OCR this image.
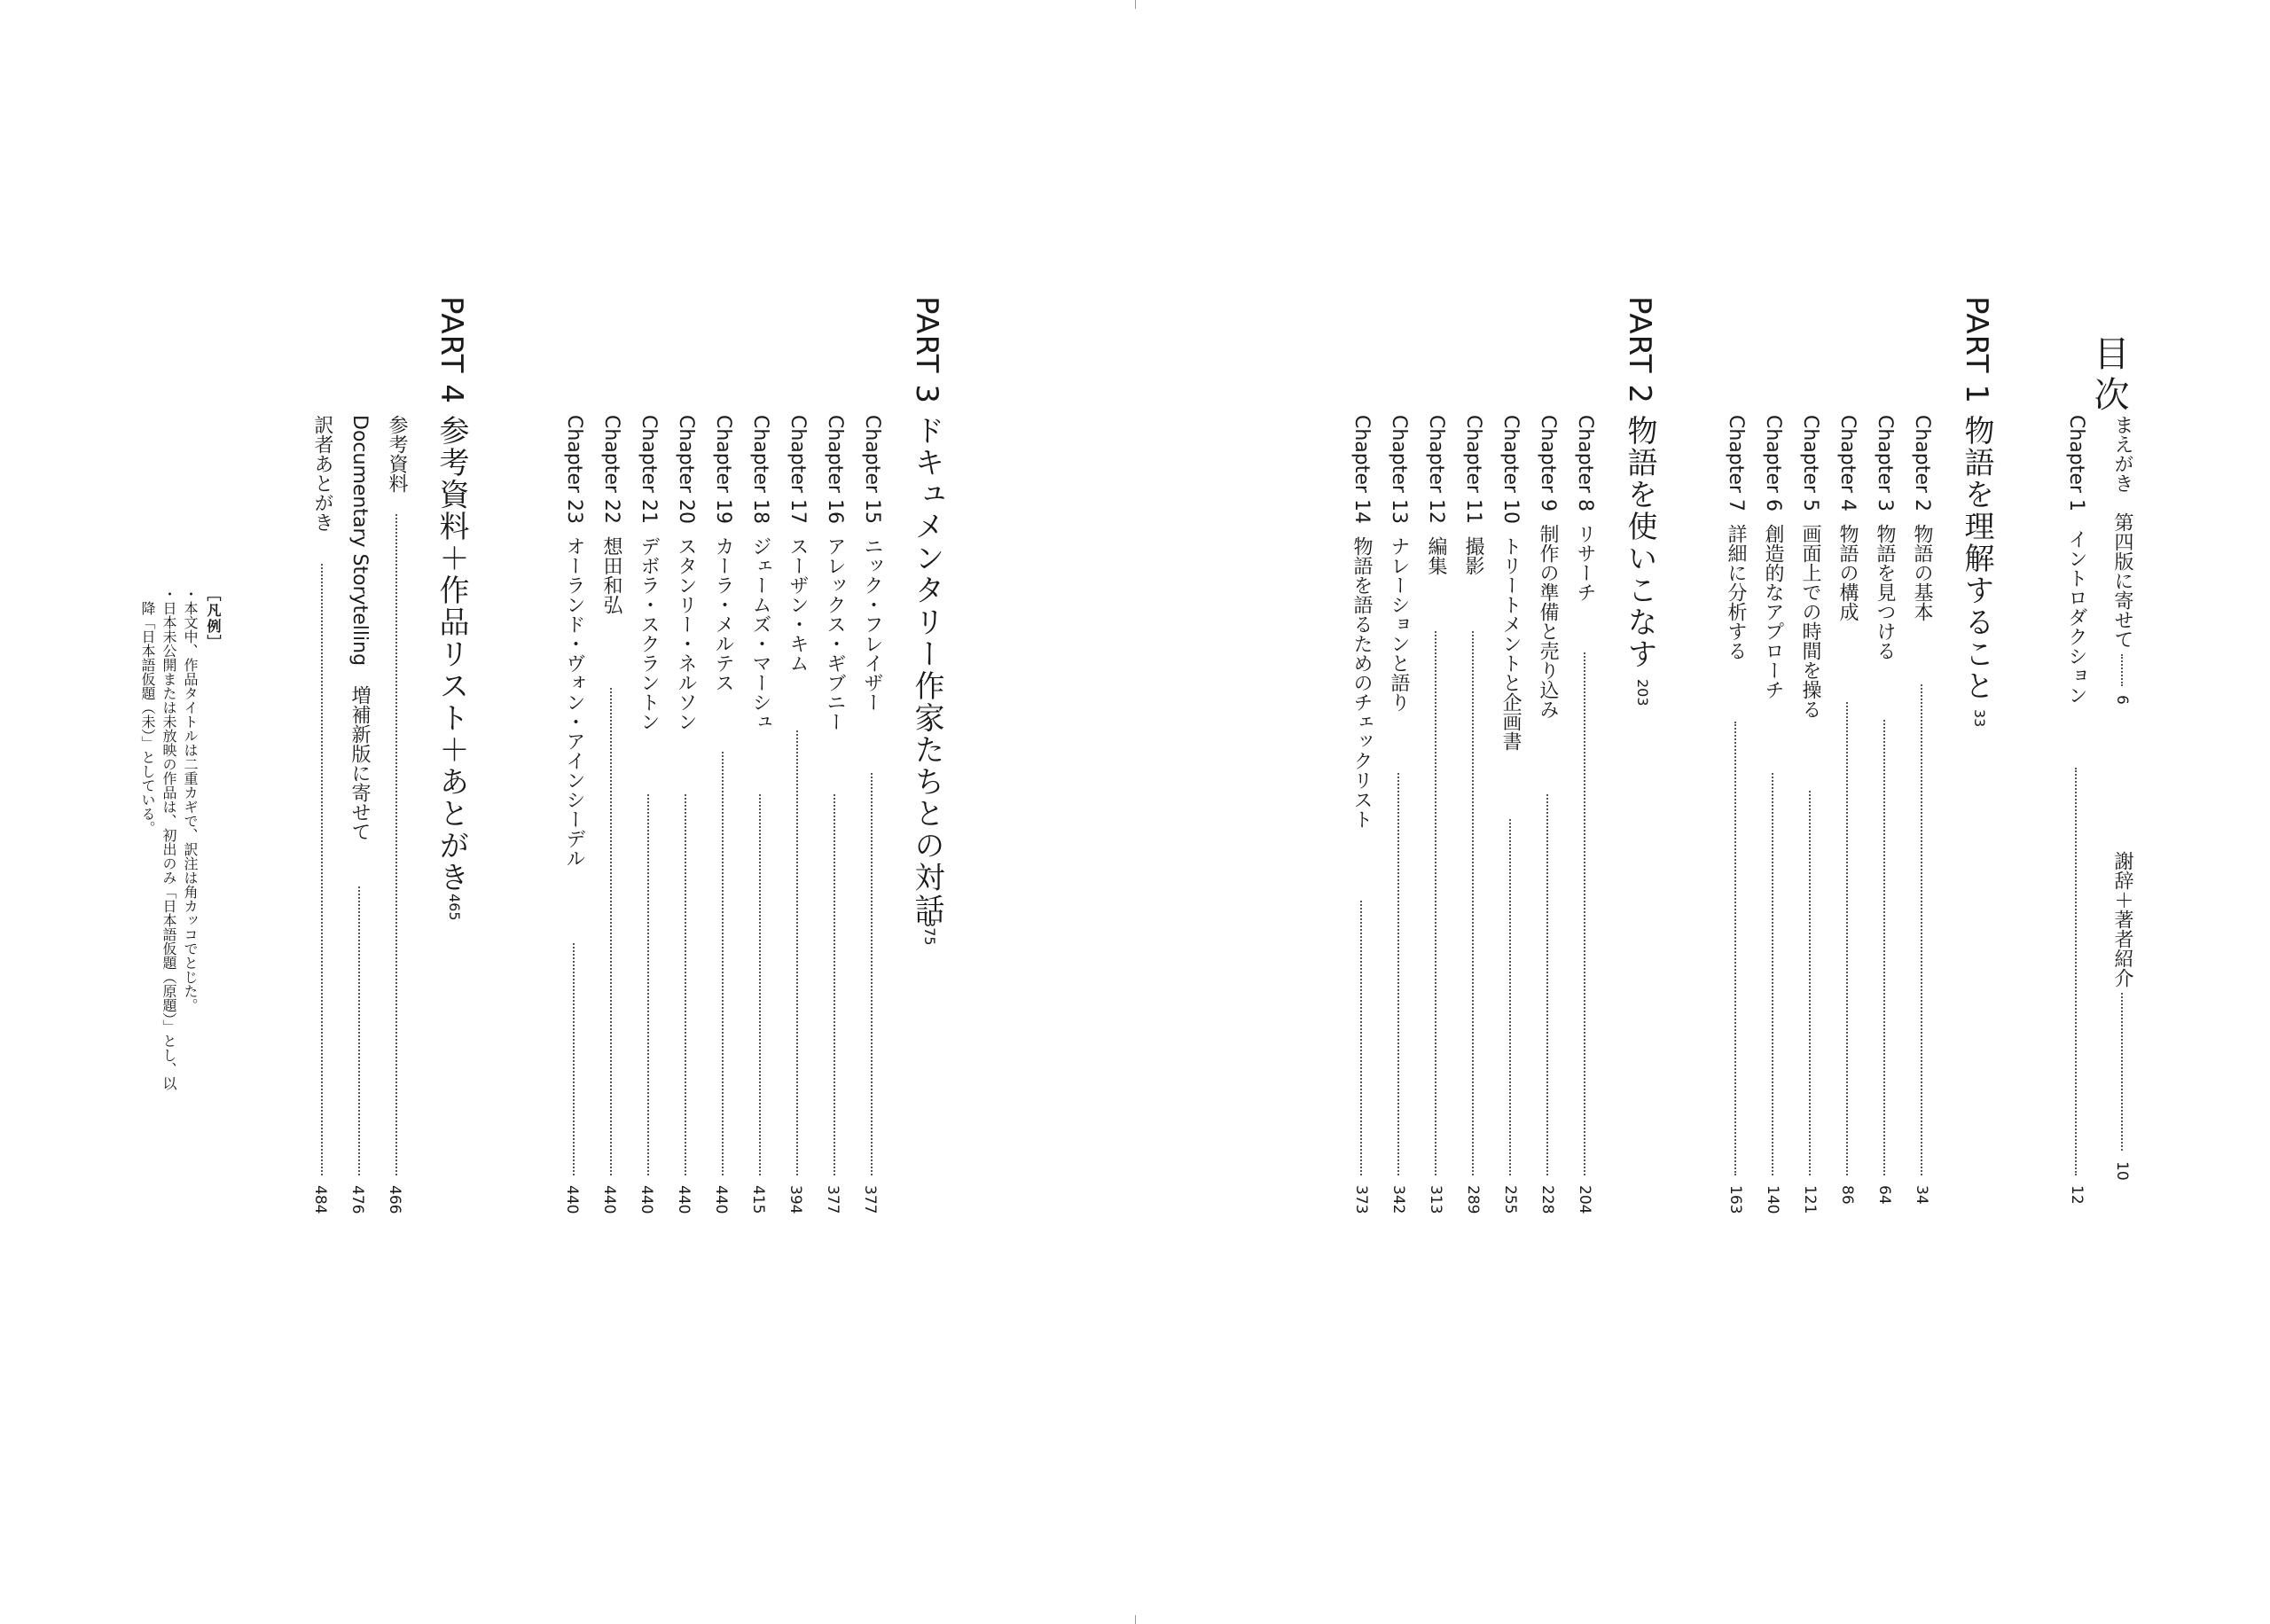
目次
まえがき　第四版に寄せて6
謝辞＋著者紹介10
Chapter 1イントロダクション
12
PART 1
物語を理解すること
33
Chapter 2物語の基本
34
Chapter 3物語を見つける
64
Chapter 4物語の構成
86
Chapter 5画面上での時間を操る
121
Chapter 6創造的なアプローチ
140
Chapter 7詳細に分析する
163
PART 2
物語を使いこなす
203
Chapter 8リサーチ
204
Chapter 9制作の準備と売り込み
228
Chapter 10トリートメントと企画書
255
Chapter 11撮影
289
Chapter 12編集
313
Chapter 13ナレーションと語り
342
Chapter 14物語を語るためのチェックリスト
373
PART 3
ドキュメンタリー作家たちとの対話
375
Chapter 15ニック・フレイザー
377
Chapter 16アレックス・ギブニー
377
Chapter 17スーザン・キム
394
Chapter 18ジェームズ・マーシュ
415
Chapter 19カーラ・メルテス
440
Chapter 20スタンリー・ネルソン
440
Chapter 21デボラ・スクラントン
440
Chapter 22想田和弘
440
Chapter 23オーランド・ヴォン・アインシーデル
440
PART 4
参考資料＋作品リスト＋あとがき
465
参考資料
466
Documentary Storytelling　増補新版に寄せて
476
訳者あとがき
484
［凡例］
・本文中、作品タイトルは二重カギで、訳注は角カッコでとじた。
・日本未公開または未放映の作品は、初出のみ「日本語仮題（原題）」とし、以
　降「日本語仮題（未）」としている。
